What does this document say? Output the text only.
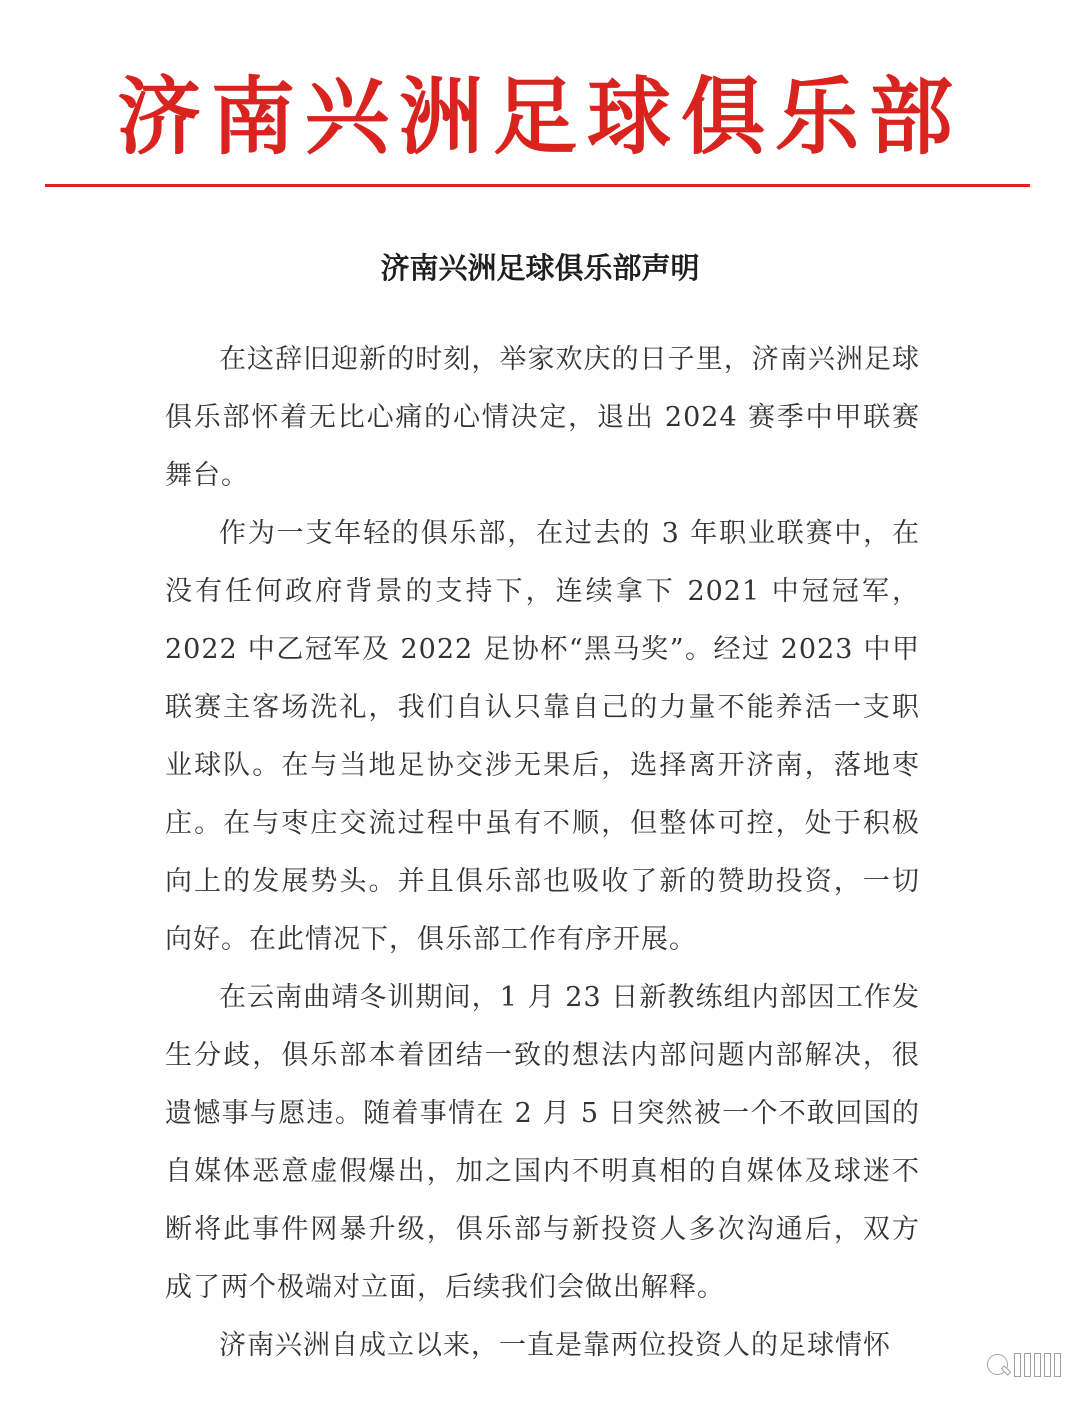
济南兴洲足球俱乐部
济南兴洲足球俱乐部声明

在这辞旧迎新的时刻，举家欢庆的日子里，济南兴洲足球俱乐部怀着无比心痛的心情决定，退出 2024 赛季中甲联赛舞台。

作为一支年轻的俱乐部，在过去的 3 年职业联赛中，在没有任何政府背景的支持下，连续拿下 2021 中冠冠军，2022 中乙冠军及 2022 足协杯“黑马奖”。经过 2023 中甲联赛主客场洗礼，我们自认只靠自己的力量不能养活一支职业球队。在与当地足协交涉无果后，选择离开济南，落地枣庄。在与枣庄交流过程中虽有不顺，但整体可控，处于积极向上的发展势头。并且俱乐部也吸收了新的赞助投资，一切向好。在此情况下，俱乐部工作有序开展。

在云南曲靖冬训期间，1 月 23 日新教练组内部因工作发生分歧，俱乐部本着团结一致的想法内部问题内部解决，很遗憾事与愿违。随着事情在 2 月 5 日突然被一个不敢回国的自媒体恶意虚假爆出，加之国内不明真相的自媒体及球迷不断将此事件网暴升级，俱乐部与新投资人多次沟通后，双方成了两个极端对立面，后续我们会做出解释。

济南兴洲自成立以来，一直是靠两位投资人的足球情怀
